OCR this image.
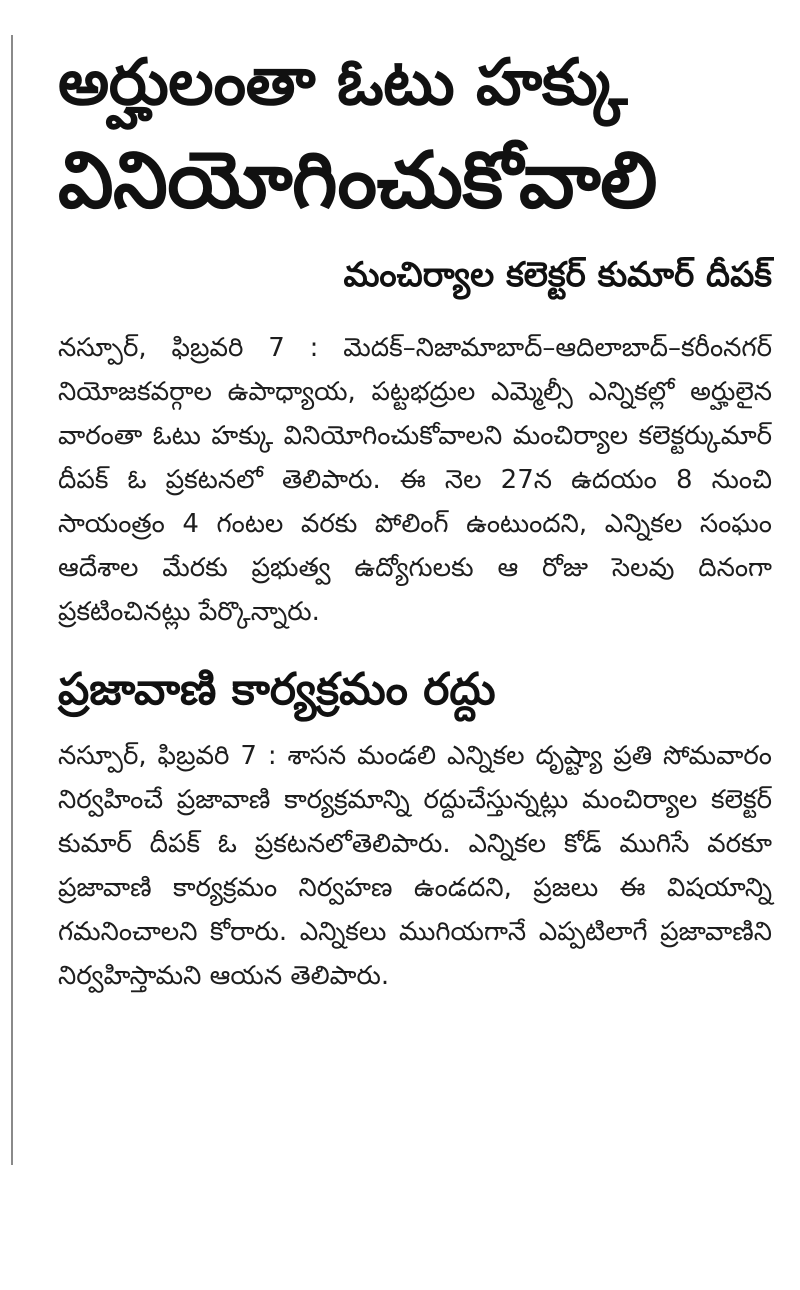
అర్హులంతా ఓటు హక్కు
వినియోగించుకోవాలి

మంచిర్యాల కలెక్టర్ కుమార్ దీపక్

నస్పూర్, ఫిబ్రవరి 7 : మెదక్–నిజామాబాద్–ఆదిలాబాద్–కరీంనగర్ నియోజకవర్గాల ఉపాధ్యాయ, పట్టభద్రుల ఎమ్మెల్సీ ఎన్నికల్లో అర్హులైన వారంతా ఓటు హక్కు వినియోగించుకోవాలని మంచిర్యాల కలెక్టర్కుమార్ దీపక్ ఓ ప్రకటనలో తెలిపారు. ఈ నెల 27న ఉదయం 8 నుంచి సాయంత్రం 4 గంటల వరకు పోలింగ్ ఉంటుందని, ఎన్నికల సంఘం ఆదేశాల మేరకు ప్రభుత్వ ఉద్యోగులకు ఆ రోజు సెలవు దినంగా ప్రకటించినట్లు పేర్కొన్నారు.

ప్రజావాణి కార్యక్రమం రద్దు

నస్పూర్, ఫిబ్రవరి 7 : శాసన మండలి ఎన్నికల దృష్ట్యా ప్రతి సోమవారం నిర్వహించే ప్రజావాణి కార్యక్రమాన్ని రద్దుచేస్తున్నట్లు మంచిర్యాల కలెక్టర్ కుమార్ దీపక్ ఓ ప్రకటనలోతెలిపారు. ఎన్నికల కోడ్ ముగిసే వరకూ ప్రజావాణి కార్యక్రమం నిర్వహణ ఉండదని, ప్రజలు ఈ విషయాన్ని గమనించాలని కోరారు. ఎన్నికలు ముగియగానే ఎప్పటిలాగే ప్రజావాణిని నిర్వహిస్తామని ఆయన తెలిపారు.
